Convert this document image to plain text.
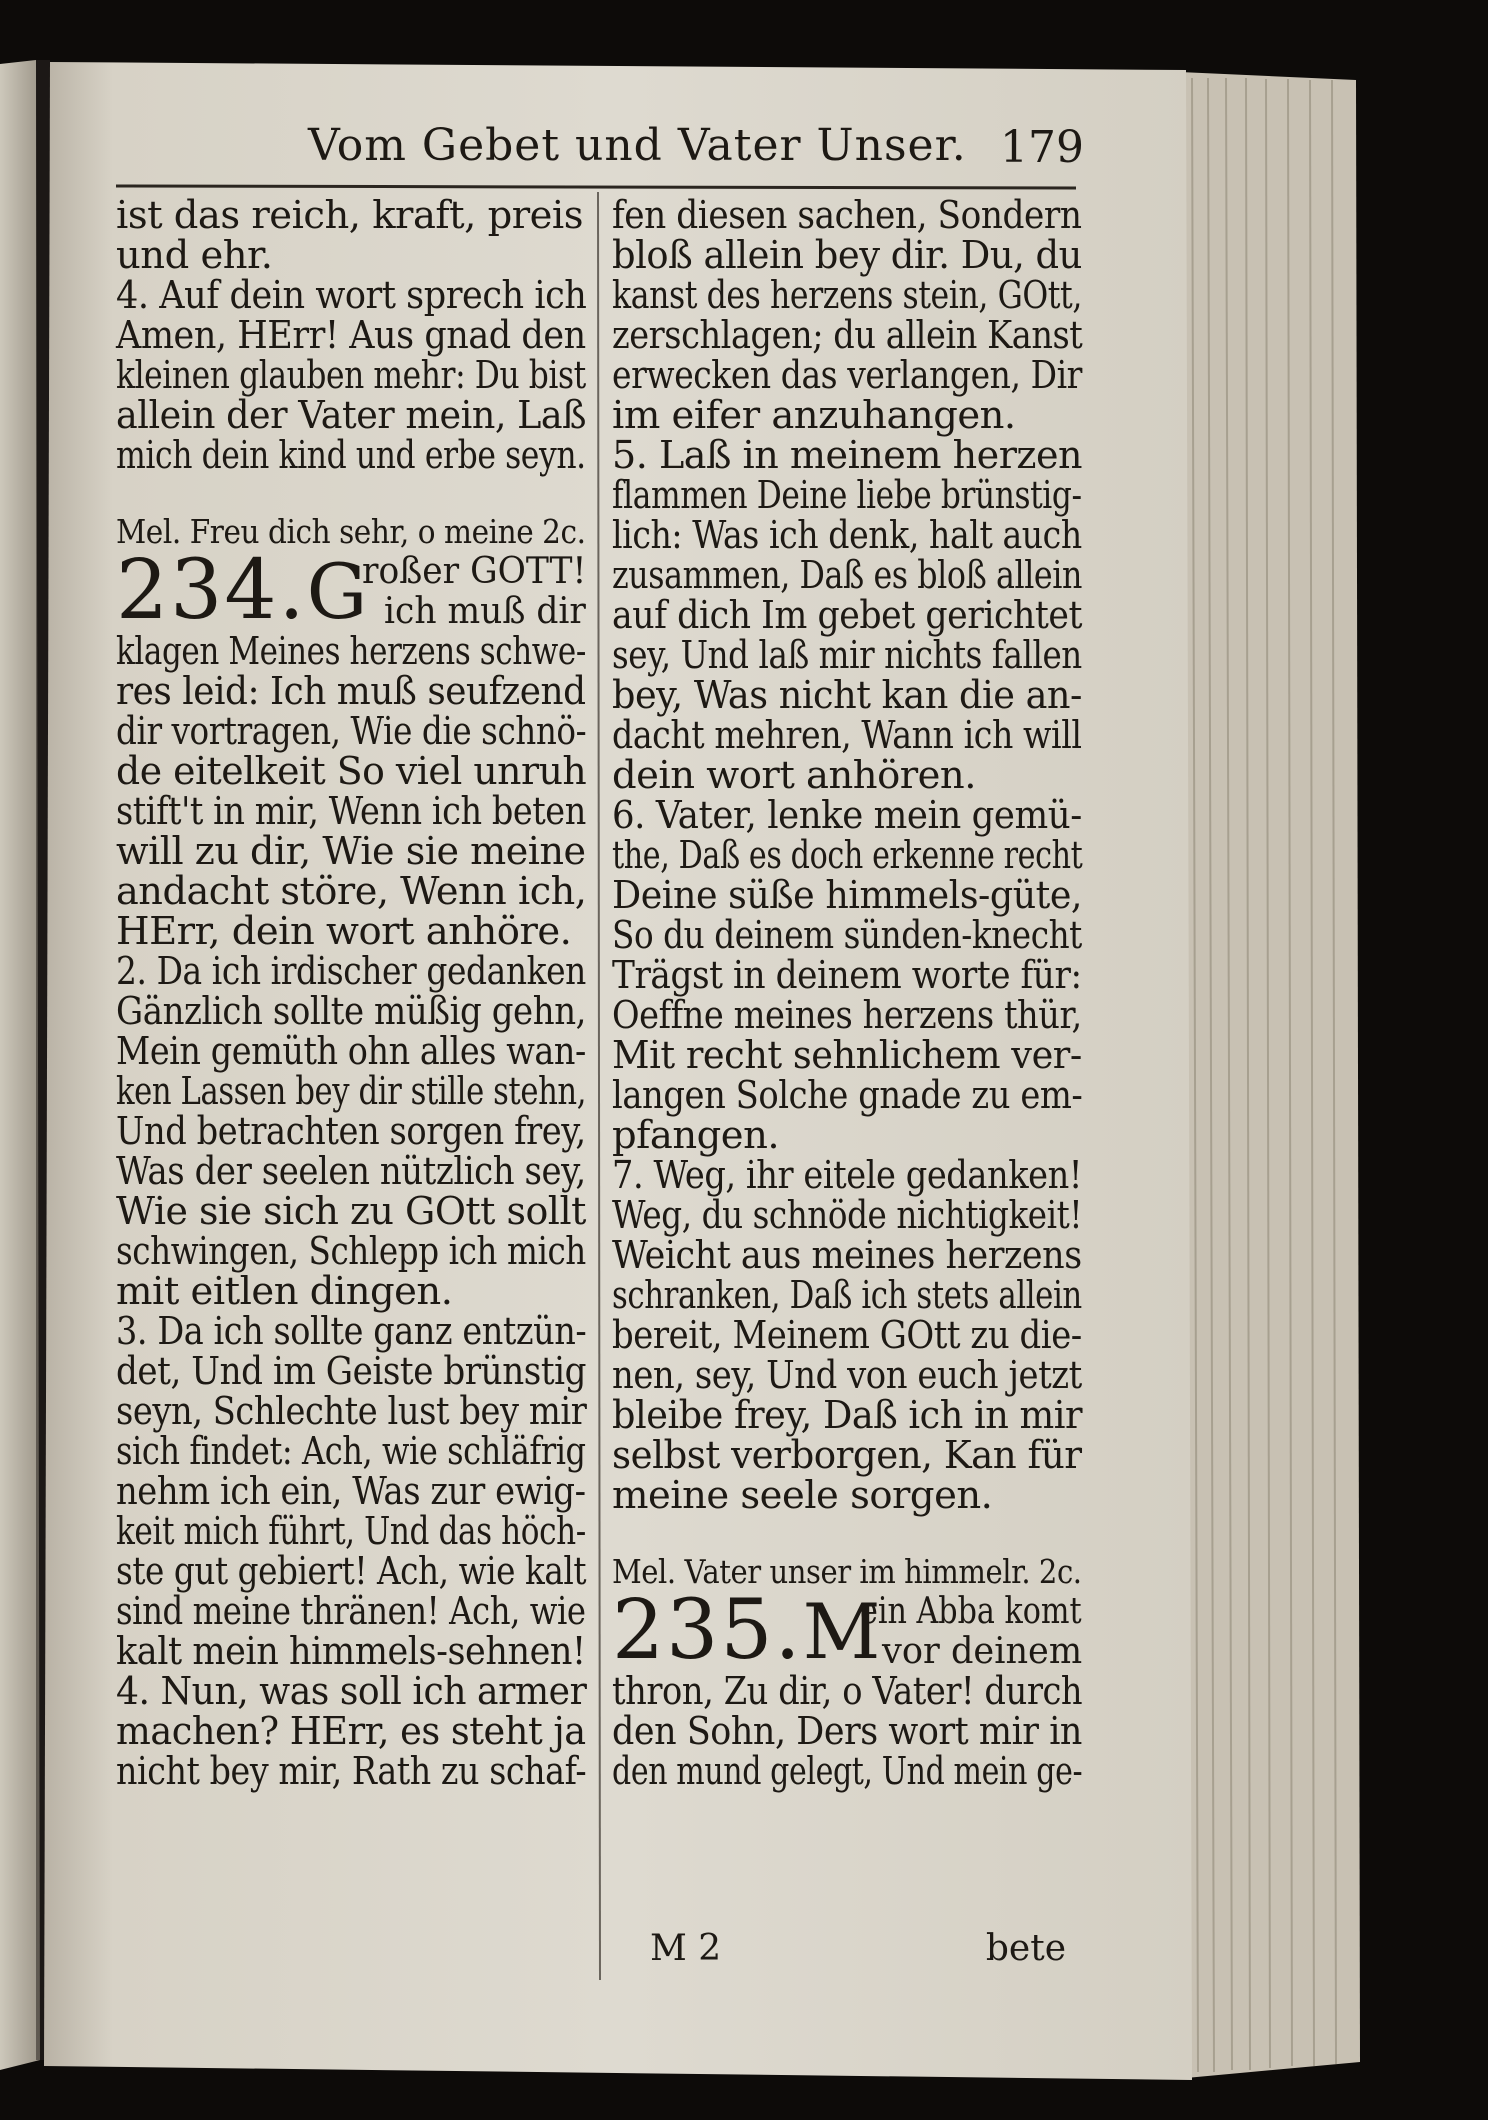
Vom Gebet und Vater Unser. 179
ist das reich, kraft, preis
und ehr.
4. Auf dein wort sprech ich
Amen, HErr! Aus gnad den
kleinen glauben mehr: Du bist
allein der Vater mein, Laß
mich dein kind und erbe seyn.
Mel. Freu dich sehr, o meine 2c.
234.G
roßer GOTT!
ich muß dir
klagen Meines herzens schwe-
res leid: Ich muß seufzend
dir vortragen, Wie die schnö-
de eitelkeit So viel unruh
stift't in mir, Wenn ich beten
will zu dir, Wie sie meine
andacht störe, Wenn ich,
HErr, dein wort anhöre.
2. Da ich irdischer gedanken
Gänzlich sollte müßig gehn,
Mein gemüth ohn alles wan-
ken Lassen bey dir stille stehn,
Und betrachten sorgen frey,
Was der seelen nützlich sey,
Wie sie sich zu GOtt sollt
schwingen, Schlepp ich mich
mit eitlen dingen.
3. Da ich sollte ganz entzün-
det, Und im Geiste brünstig
seyn, Schlechte lust bey mir
sich findet: Ach, wie schläfrig
nehm ich ein, Was zur ewig-
keit mich führt, Und das höch-
ste gut gebiert! Ach, wie kalt
sind meine thränen! Ach, wie
kalt mein himmels-sehnen!
4. Nun, was soll ich armer
machen? HErr, es steht ja
nicht bey mir, Rath zu schaf-
fen diesen sachen, Sondern
bloß allein bey dir. Du, du
kanst des herzens stein, GOtt,
zerschlagen; du allein Kanst
erwecken das verlangen, Dir
im eifer anzuhangen.
5. Laß in meinem herzen
flammen Deine liebe brünstig-
lich: Was ich denk, halt auch
zusammen, Daß es bloß allein
auf dich Im gebet gerichtet
sey, Und laß mir nichts fallen
bey, Was nicht kan die an-
dacht mehren, Wann ich will
dein wort anhören.
6. Vater, lenke mein gemü-
the, Daß es doch erkenne recht
Deine süße himmels-güte,
So du deinem sünden-knecht
Trägst in deinem worte für:
Oeffne meines herzens thür,
Mit recht sehnlichem ver-
langen Solche gnade zu em-
pfangen.
7. Weg, ihr eitele gedanken!
Weg, du schnöde nichtigkeit!
Weicht aus meines herzens
schranken, Daß ich stets allein
bereit, Meinem GOtt zu die-
nen, sey, Und von euch jetzt
bleibe frey, Daß ich in mir
selbst verborgen, Kan für
meine seele sorgen.
Mel. Vater unser im himmelr. 2c.
235.M
ein Abba komt
vor deinem
thron, Zu dir, o Vater! durch
den Sohn, Ders wort mir in
den mund gelegt, Und mein ge-
M 2	bete
